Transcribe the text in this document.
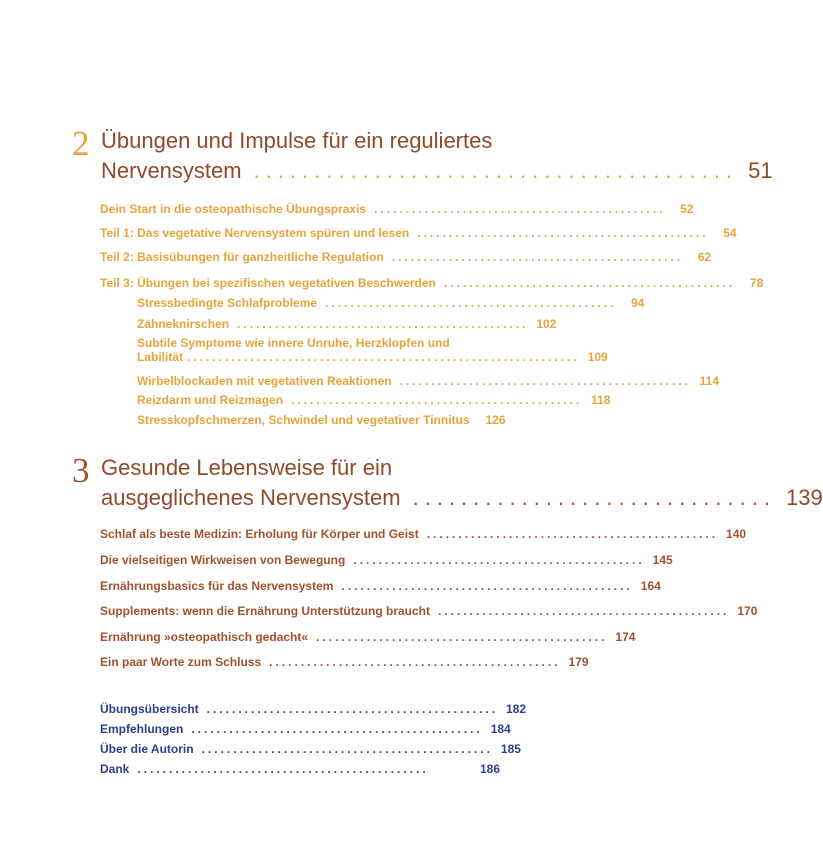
2 Übungen und Impulse für ein reguliertes
Nervensystem ........................................ 51
Dein Start in die osteopathische Übungspraxis ..............................................	52
Teil 1: Das vegetative Nervensystem spüren und lesen ..............................................	54
Teil 2: Basisübungen für ganzheitliche Regulation ..............................................	62
Teil 3: Übungen bei spezifischen vegetativen Beschwerden ..............................................	78
Stressbedingte Schlafprobleme ..............................................	94
Zähneknirschen .............................................. 102
Subtile Symptome wie innere Unruhe, Herzklopfen und
Labilität .............................................................. 109
Wirbelblockaden mit vegetativen Reaktionen .............................................. 114
Reizdarm und Reizmagen .............................................. 118
Stresskopfschmerzen, Schwindel und vegetativer Tinnitus 126
3 Gesunde Lebensweise für ein
ausgeglichenes Nervensystem .............................. 139
Schlaf als beste Medizin: Erholung für Körper und Geist .............................................. 140
Die vielseitigen Wirkweisen von Bewegung .............................................. 145
Ernährungsbasics für das Nervensystem .............................................. 164
Supplements: wenn die Ernährung Unterstützung braucht .............................................. 170
Ernährung »osteopathisch gedacht« .............................................. 174
Ein paar Worte zum Schluss .............................................. 179
Übungsübersicht .............................................. 182
Empfehlungen .............................................. 184
Über die Autorin .............................................. 185
Dank ..............................................	186
